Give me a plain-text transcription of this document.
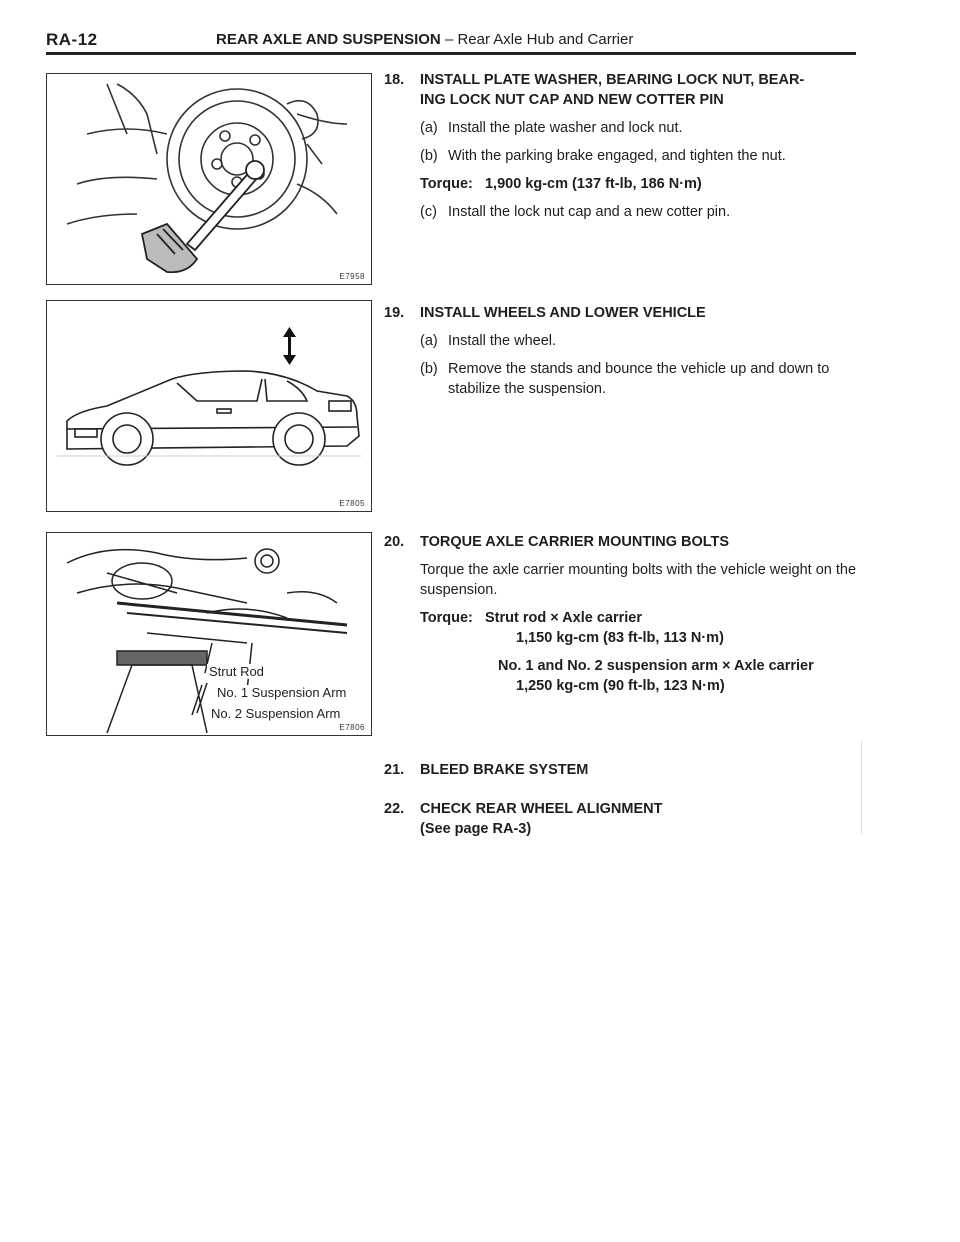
RA-12	REAR AXLE AND SUSPENSION – Rear Axle Hub and Carrier
E7958
E7805
Strut Rod
No. 1 Suspension Arm
No. 2 Suspension Arm
E7806
18. INSTALL PLATE WASHER, BEARING LOCK NUT, BEAR-
ING LOCK NUT CAP AND NEW COTTER PIN
(a) Install the plate washer and lock nut.
(b) With the parking brake engaged, and tighten the nut.
Torque: 1,900 kg-cm (137 ft-lb, 186 N·m)
(c) Install the lock nut cap and a new cotter pin.
19. INSTALL WHEELS AND LOWER VEHICLE
(a) Install the wheel.
(b) Remove the stands and bounce the vehicle up and down to stabilize the suspension.
20. TORQUE AXLE CARRIER MOUNTING BOLTS
Torque the axle carrier mounting bolts with the vehicle weight on the suspension.
Torque: Strut rod × Axle carrier
1,150 kg-cm (83 ft-lb, 113 N·m)
No. 1 and No. 2 suspension arm × Axle carrier
1,250 kg-cm (90 ft-lb, 123 N·m)
21. BLEED BRAKE SYSTEM
22. CHECK REAR WHEEL ALIGNMENT
(See page RA-3)
